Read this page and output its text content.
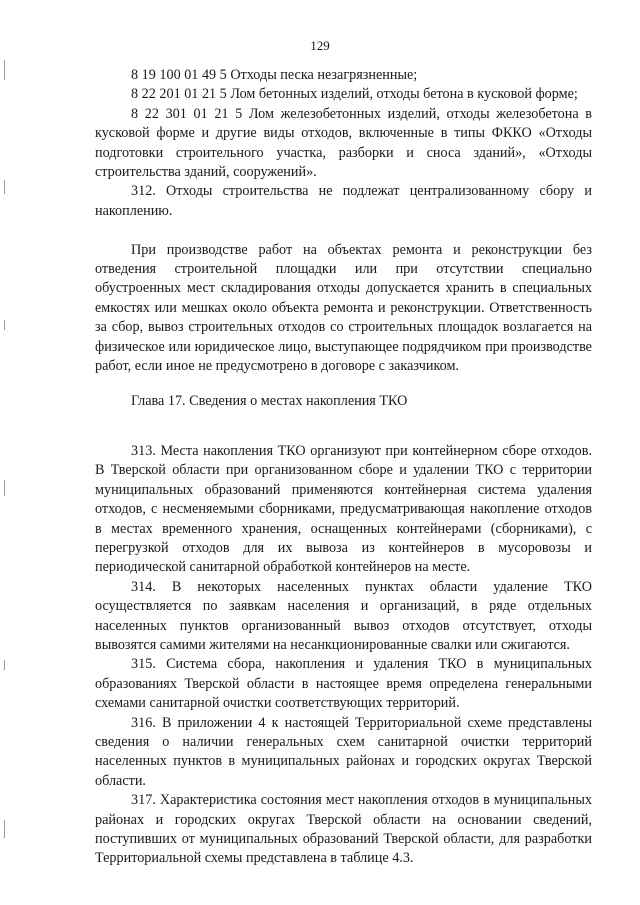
129

8 19 100 01 49 5 Отходы песка незагрязненные;

8 22 201 01 21 5 Лом бетонных изделий, отходы бетона в кусковой форме;

8 22 301 01 21 5 Лом железобетонных изделий, отходы железобетона в кусковой форме и другие виды отходов, включенные в типы ФККО «Отходы подготовки строительного участка, разборки и сноса зданий», «Отходы строительства зданий, сооружений».

312. Отходы строительства не подлежат централизованному сбору и накоплению.

При производстве работ на объектах ремонта и реконструкции без отведения строительной площадки или при отсутствии специально обустроенных мест складирования отходы допускается хранить в специальных емкостях или мешках около объекта ремонта и реконструкции. Ответственность за сбор, вывоз строительных отходов со строительных площадок возлагается на физическое или юридическое лицо, выступающее подрядчиком при производстве работ, если иное не предусмотрено в договоре с заказчиком.

Глава 17. Сведения о местах накопления ТКО

313. Места накопления ТКО организуют при контейнерном сборе отходов. В Тверской области при организованном сборе и удалении ТКО с территории муниципальных образований применяются контейнерная система удаления отходов, с несменяемыми сборниками, предусматривающая накопление отходов в местах временного хранения, оснащенных контейнерами (сборниками), с перегрузкой отходов для их вывоза из контейнеров в мусоровозы и периодической санитарной обработкой контейнеров на месте.

314. В некоторых населенных пунктах области удаление ТКО осуществляется по заявкам населения и организаций, в ряде отдельных населенных пунктов организованный вывоз отходов отсутствует, отходы вывозятся самими жителями на несанкционированные свалки или сжигаются.

315. Система сбора, накопления и удаления ТКО в муниципальных образованиях Тверской области в настоящее время определена генеральными схемами санитарной очистки соответствующих территорий.

316. В приложении 4 к настоящей Территориальной схеме представлены сведения о наличии генеральных схем санитарной очистки территорий населенных пунктов в муниципальных районах и городских округах Тверской области.

317. Характеристика состояния мест накопления отходов в муниципальных районах и городских округах Тверской области на основании сведений, поступивших от муниципальных образований Тверской области, для разработки Территориальной схемы представлена в таблице 4.3.
